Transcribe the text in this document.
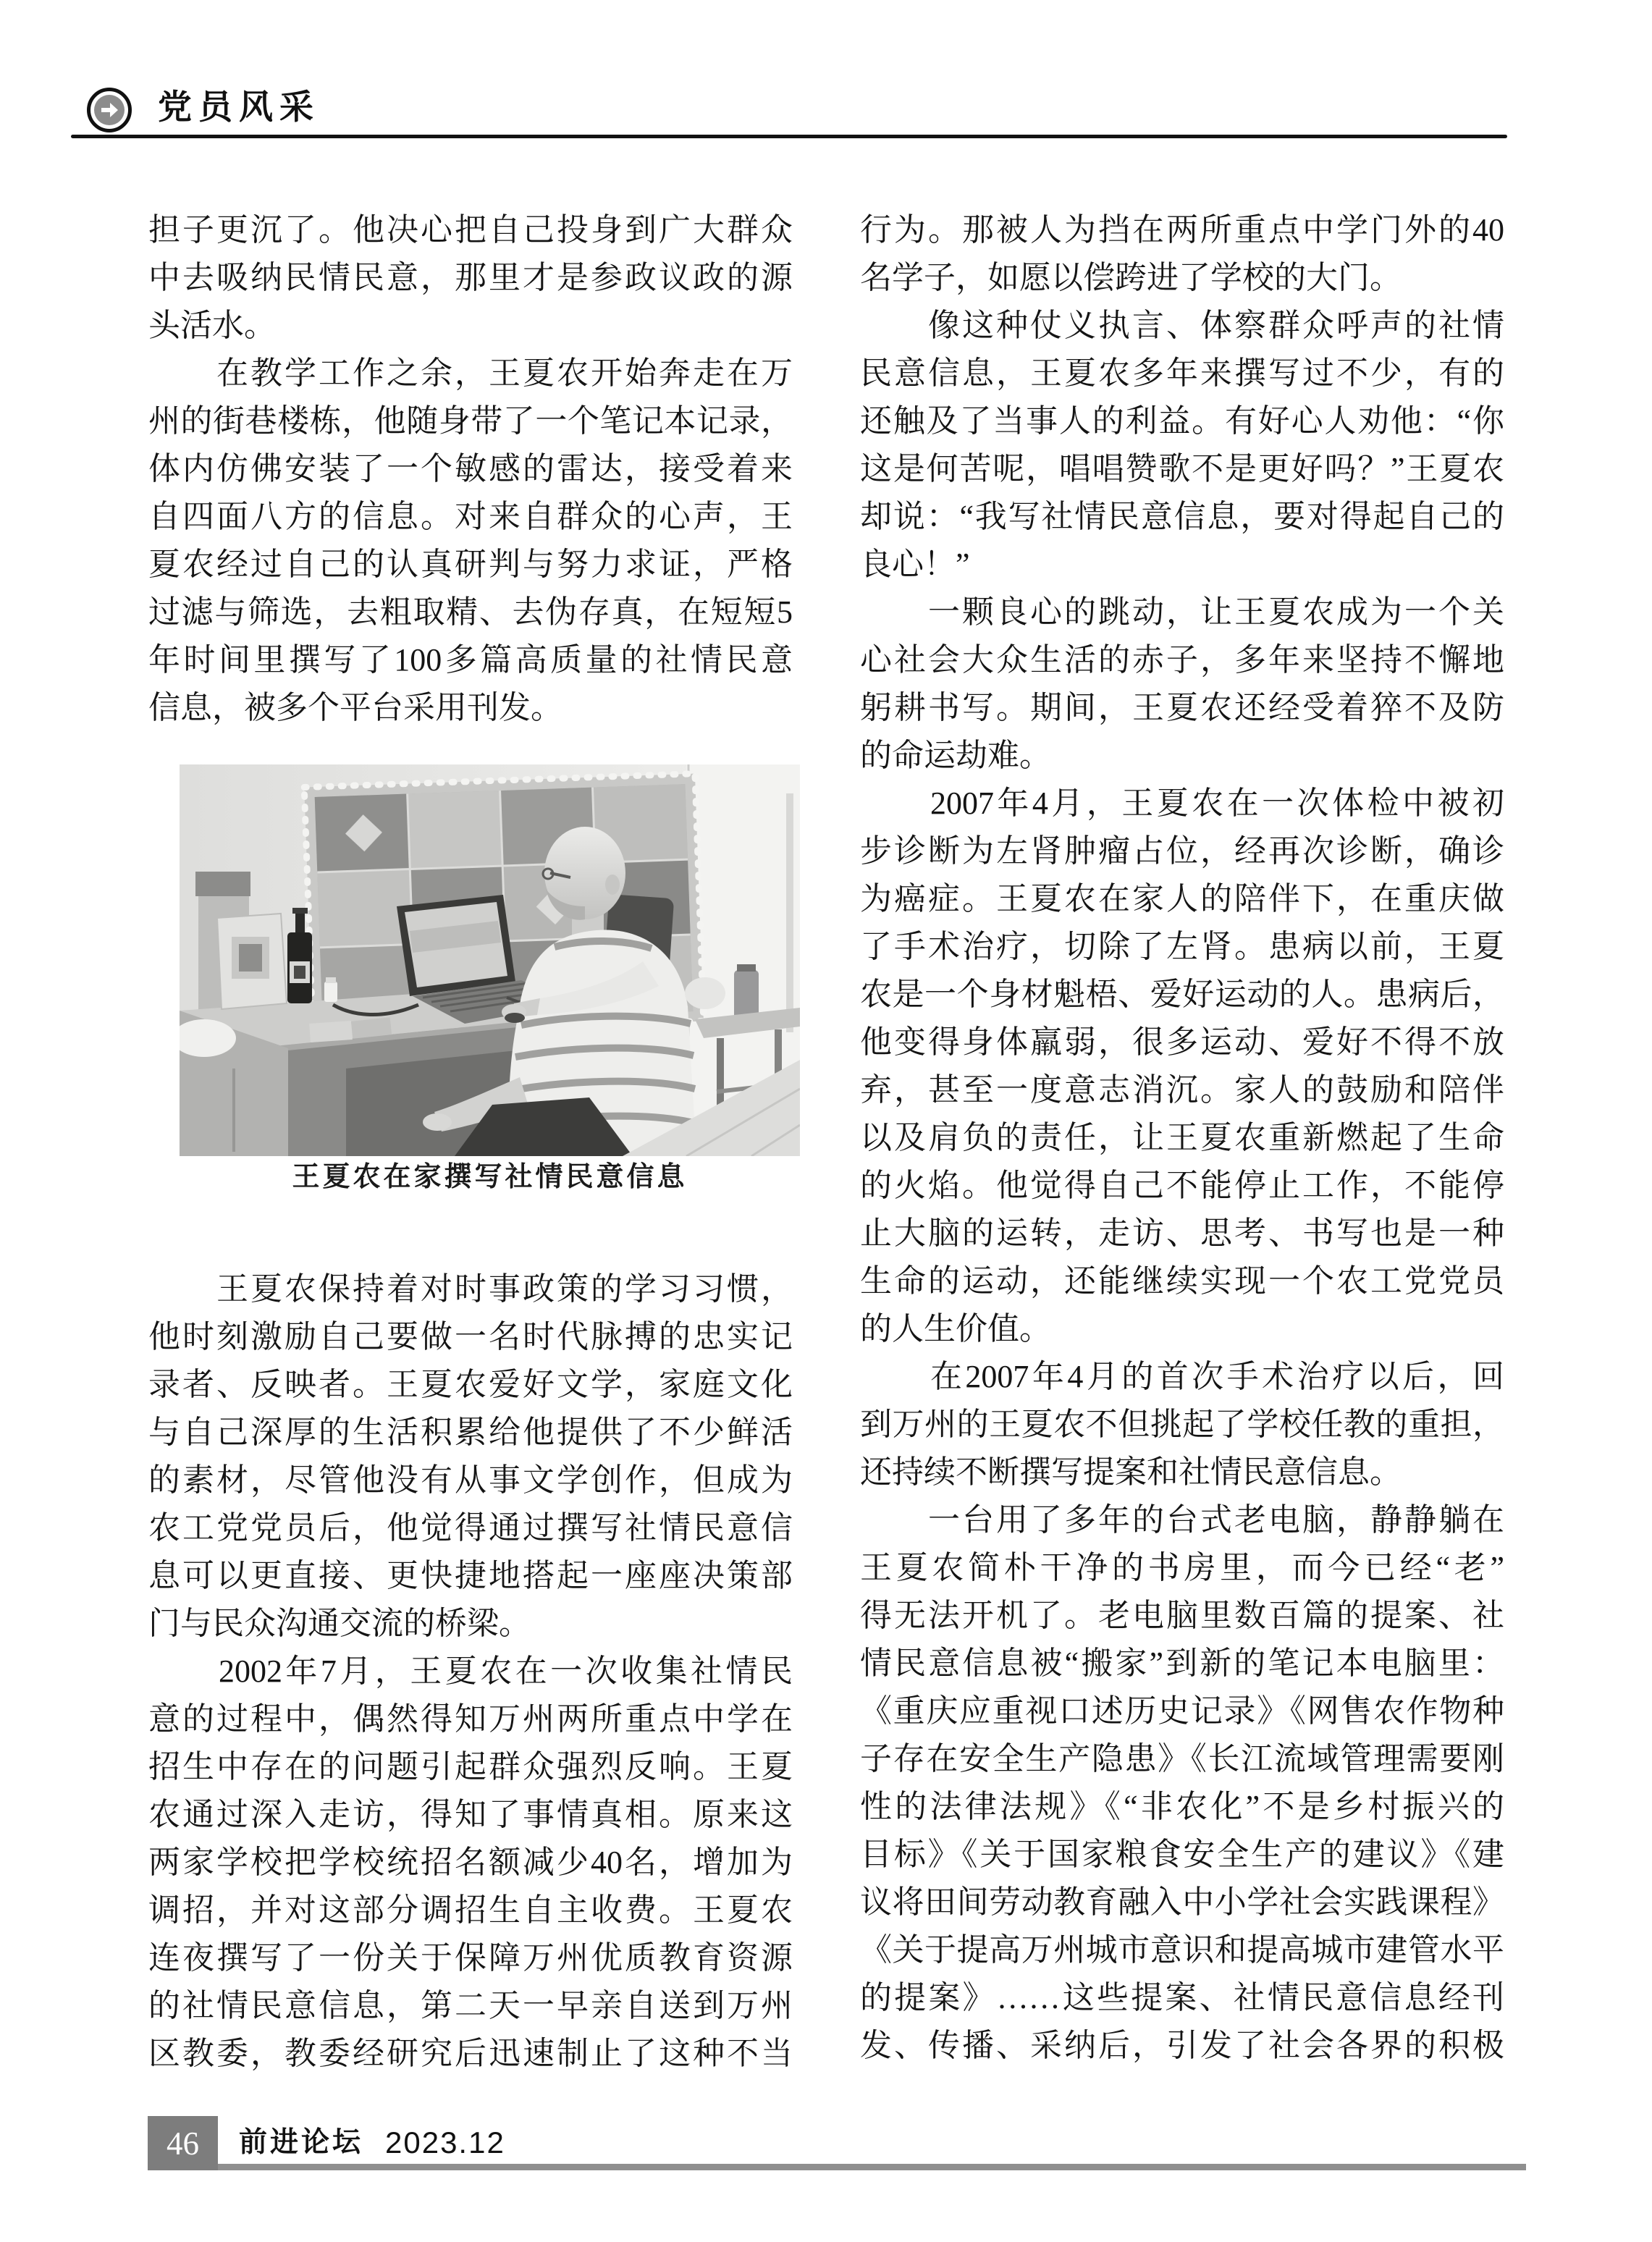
党员风采
担子更沉了。他决心把自己投身到广大群众
中去吸纳民情民意，那里才是参政议政的源
头活水。
　　在教学工作之余，王夏农开始奔走在万
州的街巷楼栋，他随身带了一个笔记本记录，
体内仿佛安装了一个敏感的雷达，接受着来
自四面八方的信息。对来自群众的心声，王
夏农经过自己的认真研判与努力求证，严格
过滤与筛选，去粗取精、去伪存真，在短短5
年时间里撰写了100多篇高质量的社情民意
信息，被多个平台采用刊发。
　　王夏农保持着对时事政策的学习习惯，
他时刻激励自己要做一名时代脉搏的忠实记
录者、反映者。王夏农爱好文学，家庭文化
与自己深厚的生活积累给他提供了不少鲜活
的素材，尽管他没有从事文学创作，但成为
农工党党员后，他觉得通过撰写社情民意信
息可以更直接、更快捷地搭起一座座决策部
门与民众沟通交流的桥梁。
　　2002年7月，王夏农在一次收集社情民
意的过程中，偶然得知万州两所重点中学在
招生中存在的问题引起群众强烈反响。王夏
农通过深入走访，得知了事情真相。原来这
两家学校把学校统招名额减少40名，增加为
调招，并对这部分调招生自主收费。王夏农
连夜撰写了一份关于保障万州优质教育资源
的社情民意信息，第二天一早亲自送到万州
区教委，教委经研究后迅速制止了这种不当
行为。那被人为挡在两所重点中学门外的40
名学子，如愿以偿跨进了学校的大门。
　　像这种仗义执言、体察群众呼声的社情
民意信息，王夏农多年来撰写过不少，有的
还触及了当事人的利益。有好心人劝他：“你
这是何苦呢，唱唱赞歌不是更好吗？”王夏农
却说：“我写社情民意信息，要对得起自己的
良心！”
　　一颗良心的跳动，让王夏农成为一个关
心社会大众生活的赤子，多年来坚持不懈地
躬耕书写。期间，王夏农还经受着猝不及防
的命运劫难。
　　2007年4月，王夏农在一次体检中被初
步诊断为左肾肿瘤占位，经再次诊断，确诊
为癌症。王夏农在家人的陪伴下，在重庆做
了手术治疗，切除了左肾。患病以前，王夏
农是一个身材魁梧、爱好运动的人。患病后，
他变得身体羸弱，很多运动、爱好不得不放
弃，甚至一度意志消沉。家人的鼓励和陪伴
以及肩负的责任，让王夏农重新燃起了生命
的火焰。他觉得自己不能停止工作，不能停
止大脑的运转，走访、思考、书写也是一种
生命的运动，还能继续实现一个农工党党员
的人生价值。
　　在2007年4月的首次手术治疗以后，回
到万州的王夏农不但挑起了学校任教的重担，
还持续不断撰写提案和社情民意信息。
　　一台用了多年的台式老电脑，静静躺在
王夏农简朴干净的书房里，而今已经“老”
得无法开机了。老电脑里数百篇的提案、社
情民意信息被“搬家”到新的笔记本电脑里：
《重庆应重视口述历史记录》《网售农作物种
子存在安全生产隐患》《长江流域管理需要刚
性的法律法规》《“非农化”不是乡村振兴的
目标》《关于国家粮食安全生产的建议》《建
议将田间劳动教育融入中小学社会实践课程》
《关于提高万州城市意识和提高城市建管水平
的提案》……这些提案、社情民意信息经刊
发、传播、采纳后，引发了社会各界的积极
王夏农在家撰写社情民意信息
46	前进论坛 2023.12
